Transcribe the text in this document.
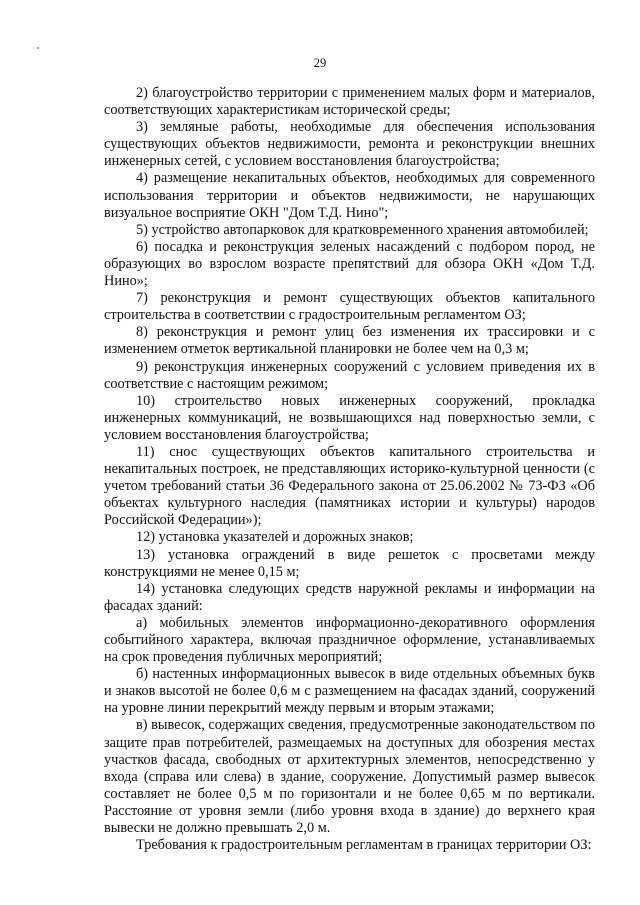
29

2) благоустройство территории с применением малых форм и материалов, соответствующих характеристикам исторической среды;

3) земляные работы, необходимые для обеспечения использования существующих объектов недвижимости, ремонта и реконструкции внешних инженерных сетей, с условием восстановления благоустройства;

4) размещение некапитальных объектов, необходимых для современного использования территории и объектов недвижимости, не нарушающих визуальное восприятие ОКН "Дом Т.Д. Нино";

5) устройство автопарковок для кратковременного хранения автомобилей;

6) посадка и реконструкция зеленых насаждений с подбором пород, не образующих во взрослом возрасте препятствий для обзора ОКН «Дом Т.Д. Нино»;

7) реконструкция и ремонт существующих объектов капитального строительства в соответствии с градостроительным регламентом ОЗ;

8) реконструкция и ремонт улиц без изменения их трассировки и с изменением отметок вертикальной планировки не более чем на 0,3 м;

9) реконструкция инженерных сооружений с условием приведения их в соответствие с настоящим режимом;

10) строительство новых инженерных сооружений, прокладка инженерных коммуникаций, не возвышающихся над поверхностью земли, с условием восстановления благоустройства;

11) снос существующих объектов капитального строительства и некапитальных построек, не представляющих историко-культурной ценности (с учетом требований статьи 36 Федерального закона от 25.06.2002 № 73-ФЗ «Об объектах культурного наследия (памятниках истории и культуры) народов Российской Федерации»);

12) установка указателей и дорожных знаков;

13) установка ограждений в виде решеток с просветами между конструкциями не менее 0,15 м;

14) установка следующих средств наружной рекламы и информации на фасадах зданий:

а) мобильных элементов информационно-декоративного оформления событийного характера, включая праздничное оформление, устанавливаемых на срок проведения публичных мероприятий;

б) настенных информационных вывесок в виде отдельных объемных букв и знаков высотой не более 0,6 м с размещением на фасадах зданий, сооружений на уровне линии перекрытий между первым и вторым этажами;

в) вывесок, содержащих сведения, предусмотренные законодательством по защите прав потребителей, размещаемых на доступных для обозрения местах участков фасада, свободных от архитектурных элементов, непосредственно у входа (справа или слева) в здание, сооружение. Допустимый размер вывесок составляет не более 0,5 м по горизонтали и не более 0,65 м по вертикали. Расстояние от уровня земли (либо уровня входа в здание) до верхнего края вывески не должно превышать 2,0 м.

Требования к градостроительным регламентам в границах территории ОЗ:
